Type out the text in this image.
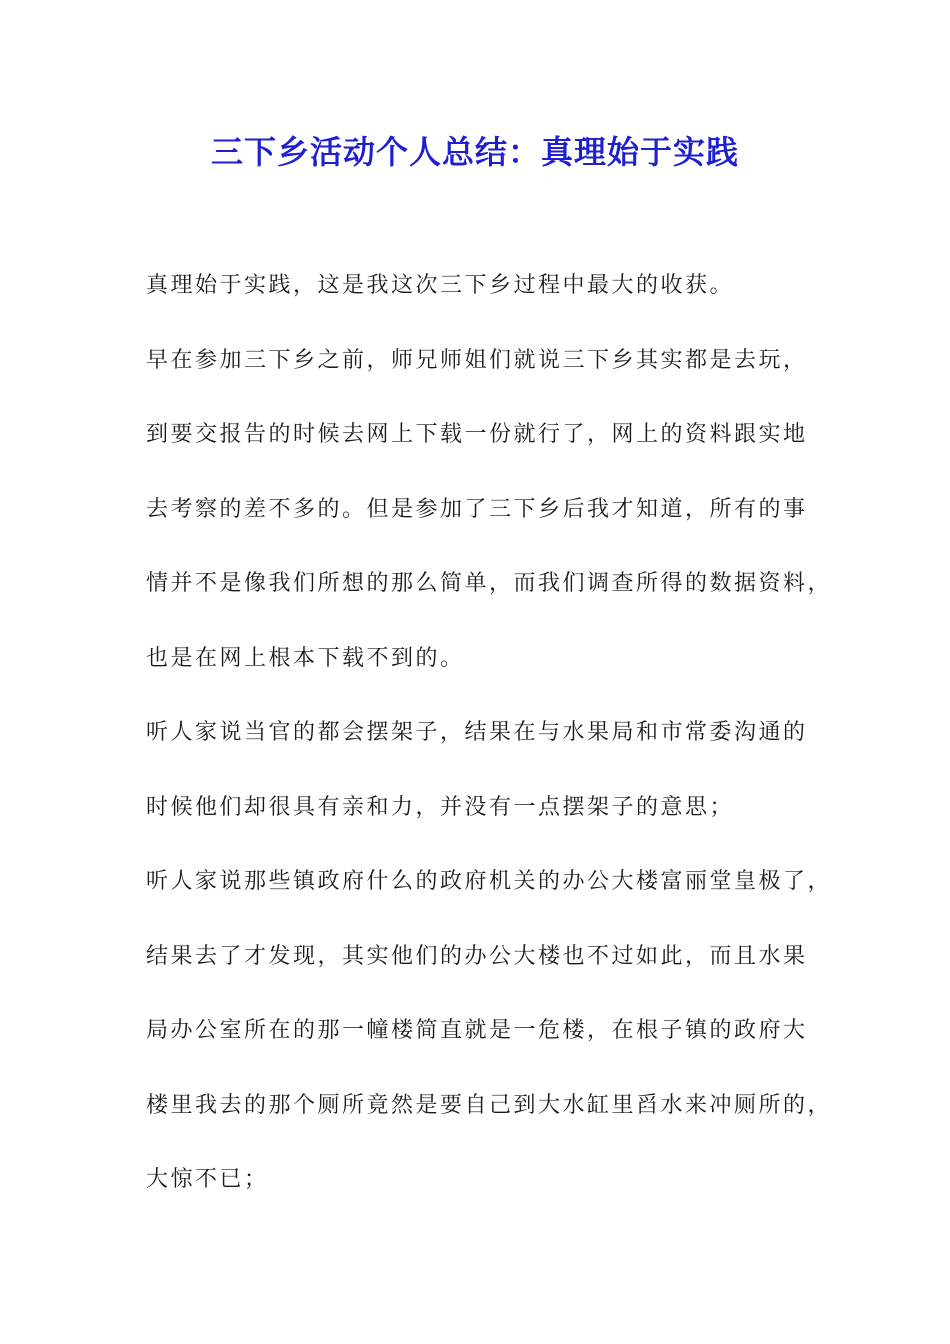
三下乡活动个人总结：真理始于实践
真理始于实践，这是我这次三下乡过程中最大的收获。
早在参加三下乡之前，师兄师姐们就说三下乡其实都是去玩，
到要交报告的时候去网上下载一份就行了，网上的资料跟实地
去考察的差不多的。但是参加了三下乡后我才知道，所有的事
情并不是像我们所想的那么简单，而我们调查所得的数据资料，
也是在网上根本下载不到的。
听人家说当官的都会摆架子，结果在与水果局和市常委沟通的
时候他们却很具有亲和力，并没有一点摆架子的意思；
听人家说那些镇政府什么的政府机关的办公大楼富丽堂皇极了，
结果去了才发现，其实他们的办公大楼也不过如此，而且水果
局办公室所在的那一幢楼简直就是一危楼，在根子镇的政府大
楼里我去的那个厕所竟然是要自己到大水缸里舀水来冲厕所的，
大惊不已；
